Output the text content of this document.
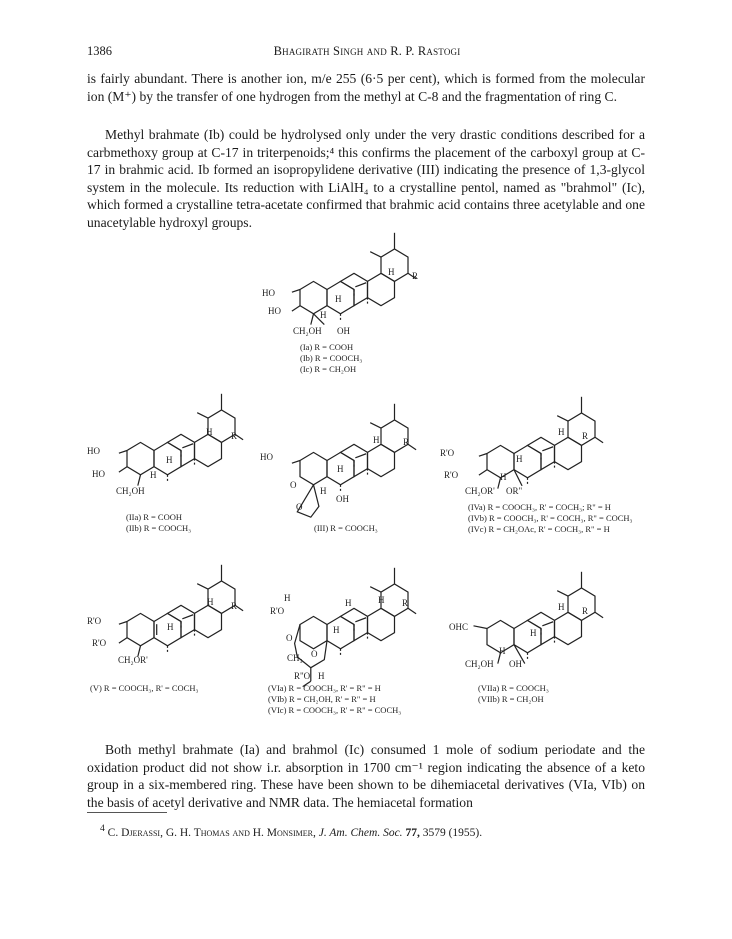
1386	Bhagirath Singh and R. P. Rastogi

is fairly abundant. There is another ion, m/e 255 (6·5 per cent), which is formed from the molecular ion (M⁺) by the transfer of one hydrogen from the methyl at C-8 and the fragmentation of ring C.

Methyl brahmate (Ib) could be hydrolysed only under the very drastic conditions described for a carbmethoxy group at C-17 in triterpenoids;⁴ this confirms the placement of the carboxyl group at C-17 in brahmic acid. Ib formed an isopropylidene derivative (III) indicating the presence of 1,3-glycol system in the molecule. Its reduction with LiAlH₄ to a crystalline pentol, named as "brahmol" (Ic), which formed a crystalline tetra-acetate confirmed that brahmic acid contains three acetylable and one unacetylable hydroxyl groups.

HO
HO
CH₂OH OH
H
H
H R
(Ia) R = COOH
(Ib) R = COOCH₃
(Ic) R = CH₂OH
HO
HO
CH₂OH
H
H
H R
(IIa) R = COOH
(IIb) R = COOCH₃
HO
O
O
OH
H
H
H	R
(III) R = COOCH₃
R'O
R'O
CH₂OR' OR"
H
H
H R
(IVa) R = COOCH₃, R' = COCH₃; R" = H
(IVb) R = COOCH₃, R' = COCH₃, R" = COCH₃
(IVc) R = CH₂OAc, R' = COCH₃, R" = H
R'O
R'O
CH₂OR'
H
H R
(V) R = COOCH₃, R' = COCH₃
H
R'O
O
O
CH₃
R"O H
H
H	H R
(VIa) R = COOCH₃, R' = R" = H
(VIb) R = CH₂OH, R' = R" = H
(VIc) R = COOCH₃, R' = R" = COCH₃
OHC
CH₂OH OH
H
H
H R
(VIIa) R = COOCH₃
(VIIb) R = CH₂OH

Both methyl brahmate (Ia) and brahmol (Ic) consumed 1 mole of sodium periodate and the oxidation product did not show i.r. absorption in 1700 cm⁻¹ region indicating the absence of a keto group in a six-membered ring. These have been shown to be dihemiacetal derivatives (VIa, VIb) on the basis of acetyl derivative and NMR data. The hemiacetal formation

$^4$ C. Djerassi, G. H. Thomas and H. Monsimer, J. Am. Chem. Soc. 77, 3579 (1955).
